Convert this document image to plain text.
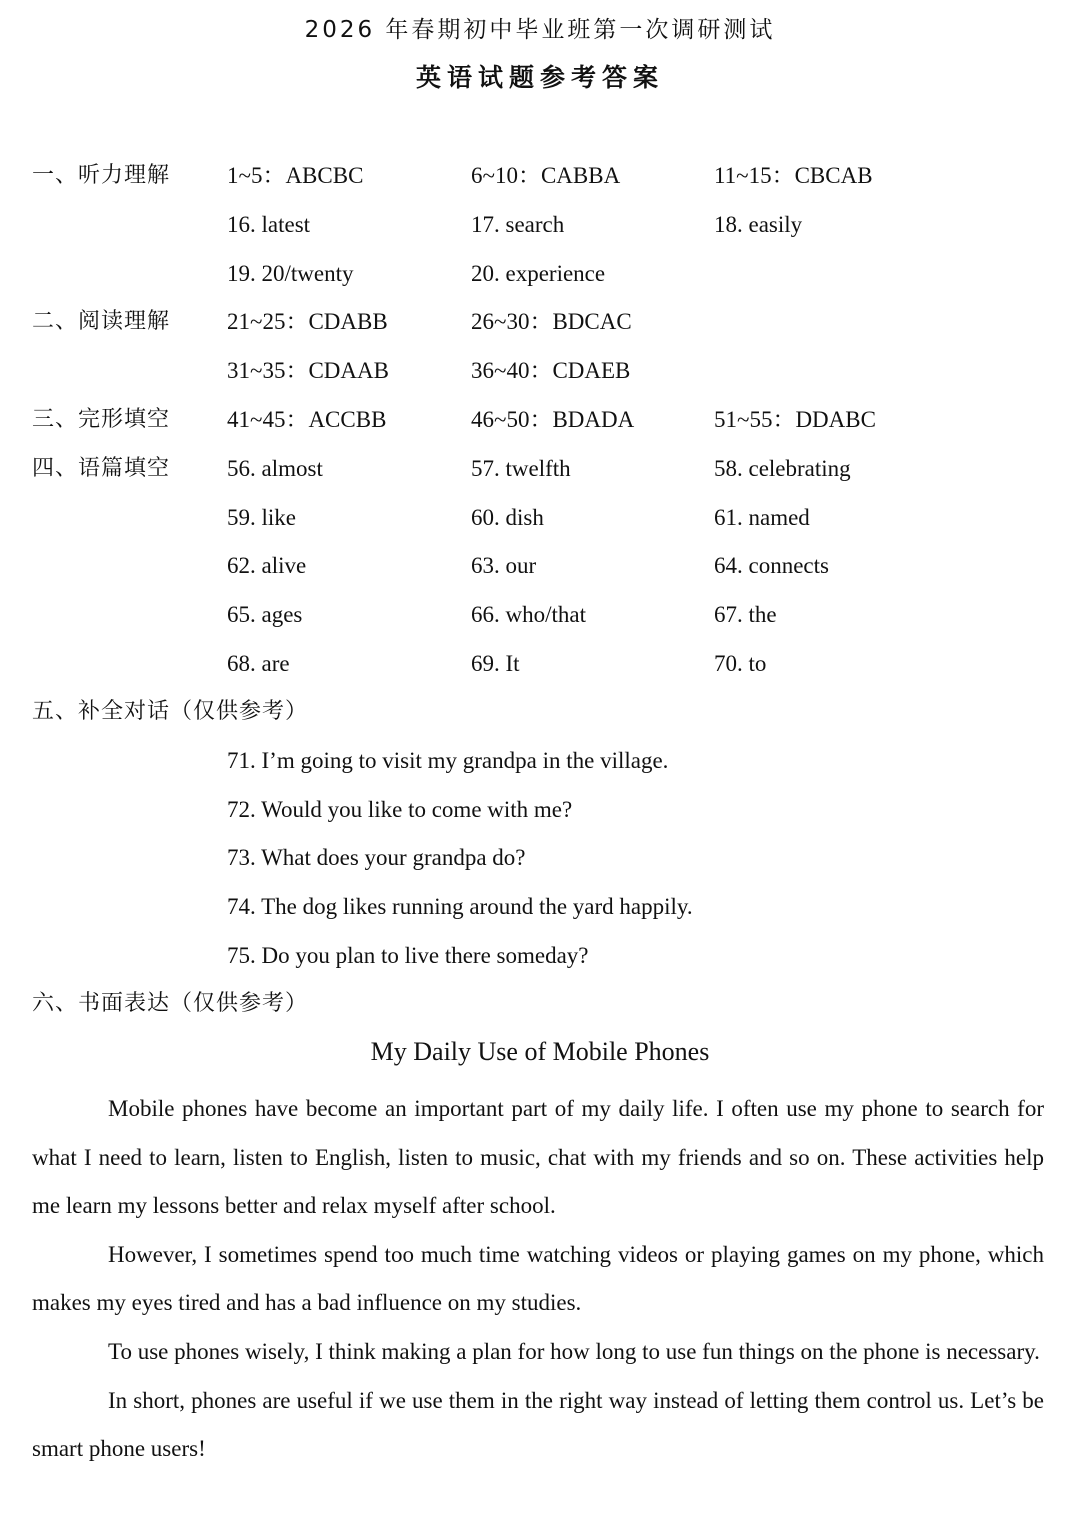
2026 年春期初中毕业班第一次调研测试
英语试题参考答案
一、听力理解 1~5：ABCBC	6~10：CABBA	11~15：CBCAB
16. latest	17. search	18. easily
19. 20/twenty	20. experience
二、阅读理解 21~25：CDABB	26~30：BDCAC
31~35：CDAAB	36~40：CDAEB
三、完形填空 41~45：ACCBB	46~50：BDADA	51~55：DDABC
四、语篇填空 56. almost	57. twelfth	58. celebrating
59. like	60. dish	61. named
62. alive	63. our	64. connects
65. ages	66. who/that	67. the
68. are	69. It	70. to
五、补全对话（仅供参考）
71. I’m going to visit my grandpa in the village.
72. Would you like to come with me?
73. What does your grandpa do?
74. The dog likes running around the yard happily.
75. Do you plan to live there someday?
六、书面表达（仅供参考）
My Daily Use of Mobile Phones

Mobile phones have become an important part of my daily life. I often use my phone to search for what I need to learn, listen to English, listen to music, chat with my friends and so on. These activities help me learn my lessons better and relax myself after school.

However, I sometimes spend too much time watching videos or playing games on my phone, which makes my eyes tired and has a bad influence on my studies.

To use phones wisely, I think making a plan for how long to use fun things on the phone is necessary.

In short, phones are useful if we use them in the right way instead of letting them control us. Let’s be smart phone users!
